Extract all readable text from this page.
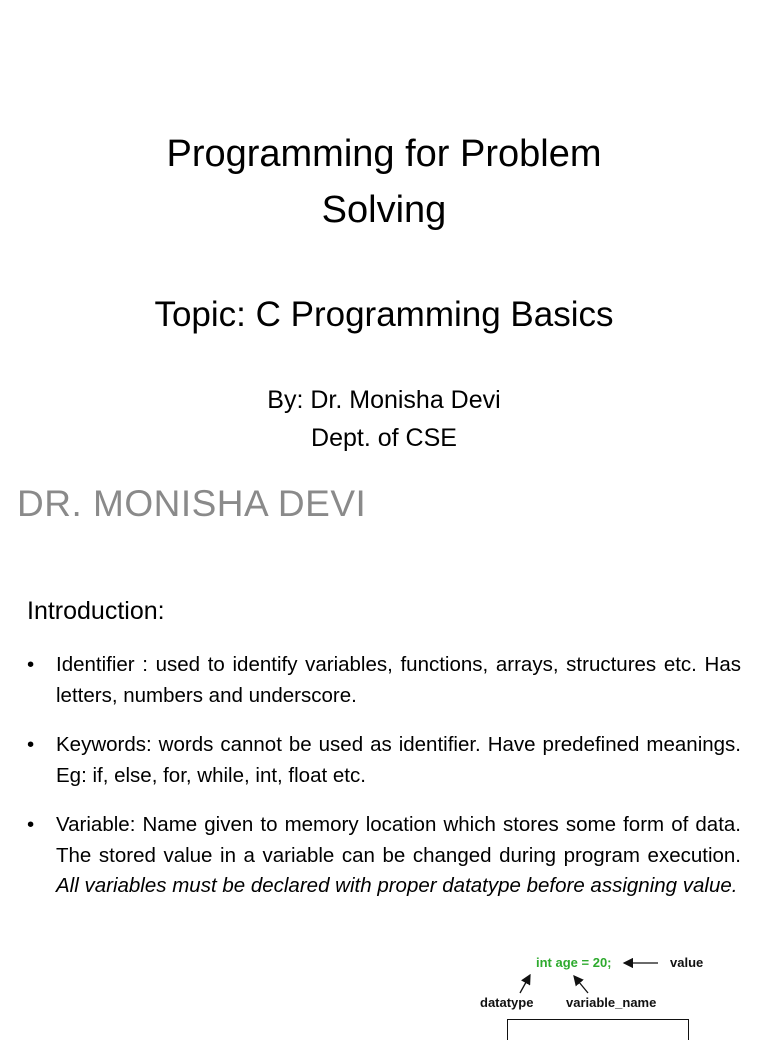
Programming for Problem
Solving
Topic: C Programming Basics
By: Dr. Monisha Devi
Dept. of CSE
DR. MONISHA DEVI
Introduction:
•	Identifier : used to identify variables, functions, arrays, structures etc. Has letters, numbers and underscore.
•	Keywords: words cannot be used as identifier. Have predefined meanings. Eg: if, else, for, while, int, float etc.
•	Variable: Name given to memory location which stores some form of data. The stored value in a variable can be changed during program execution. All variables must be declared with proper datatype before assigning value.
int age = 20;	value
datatype	variable_name
